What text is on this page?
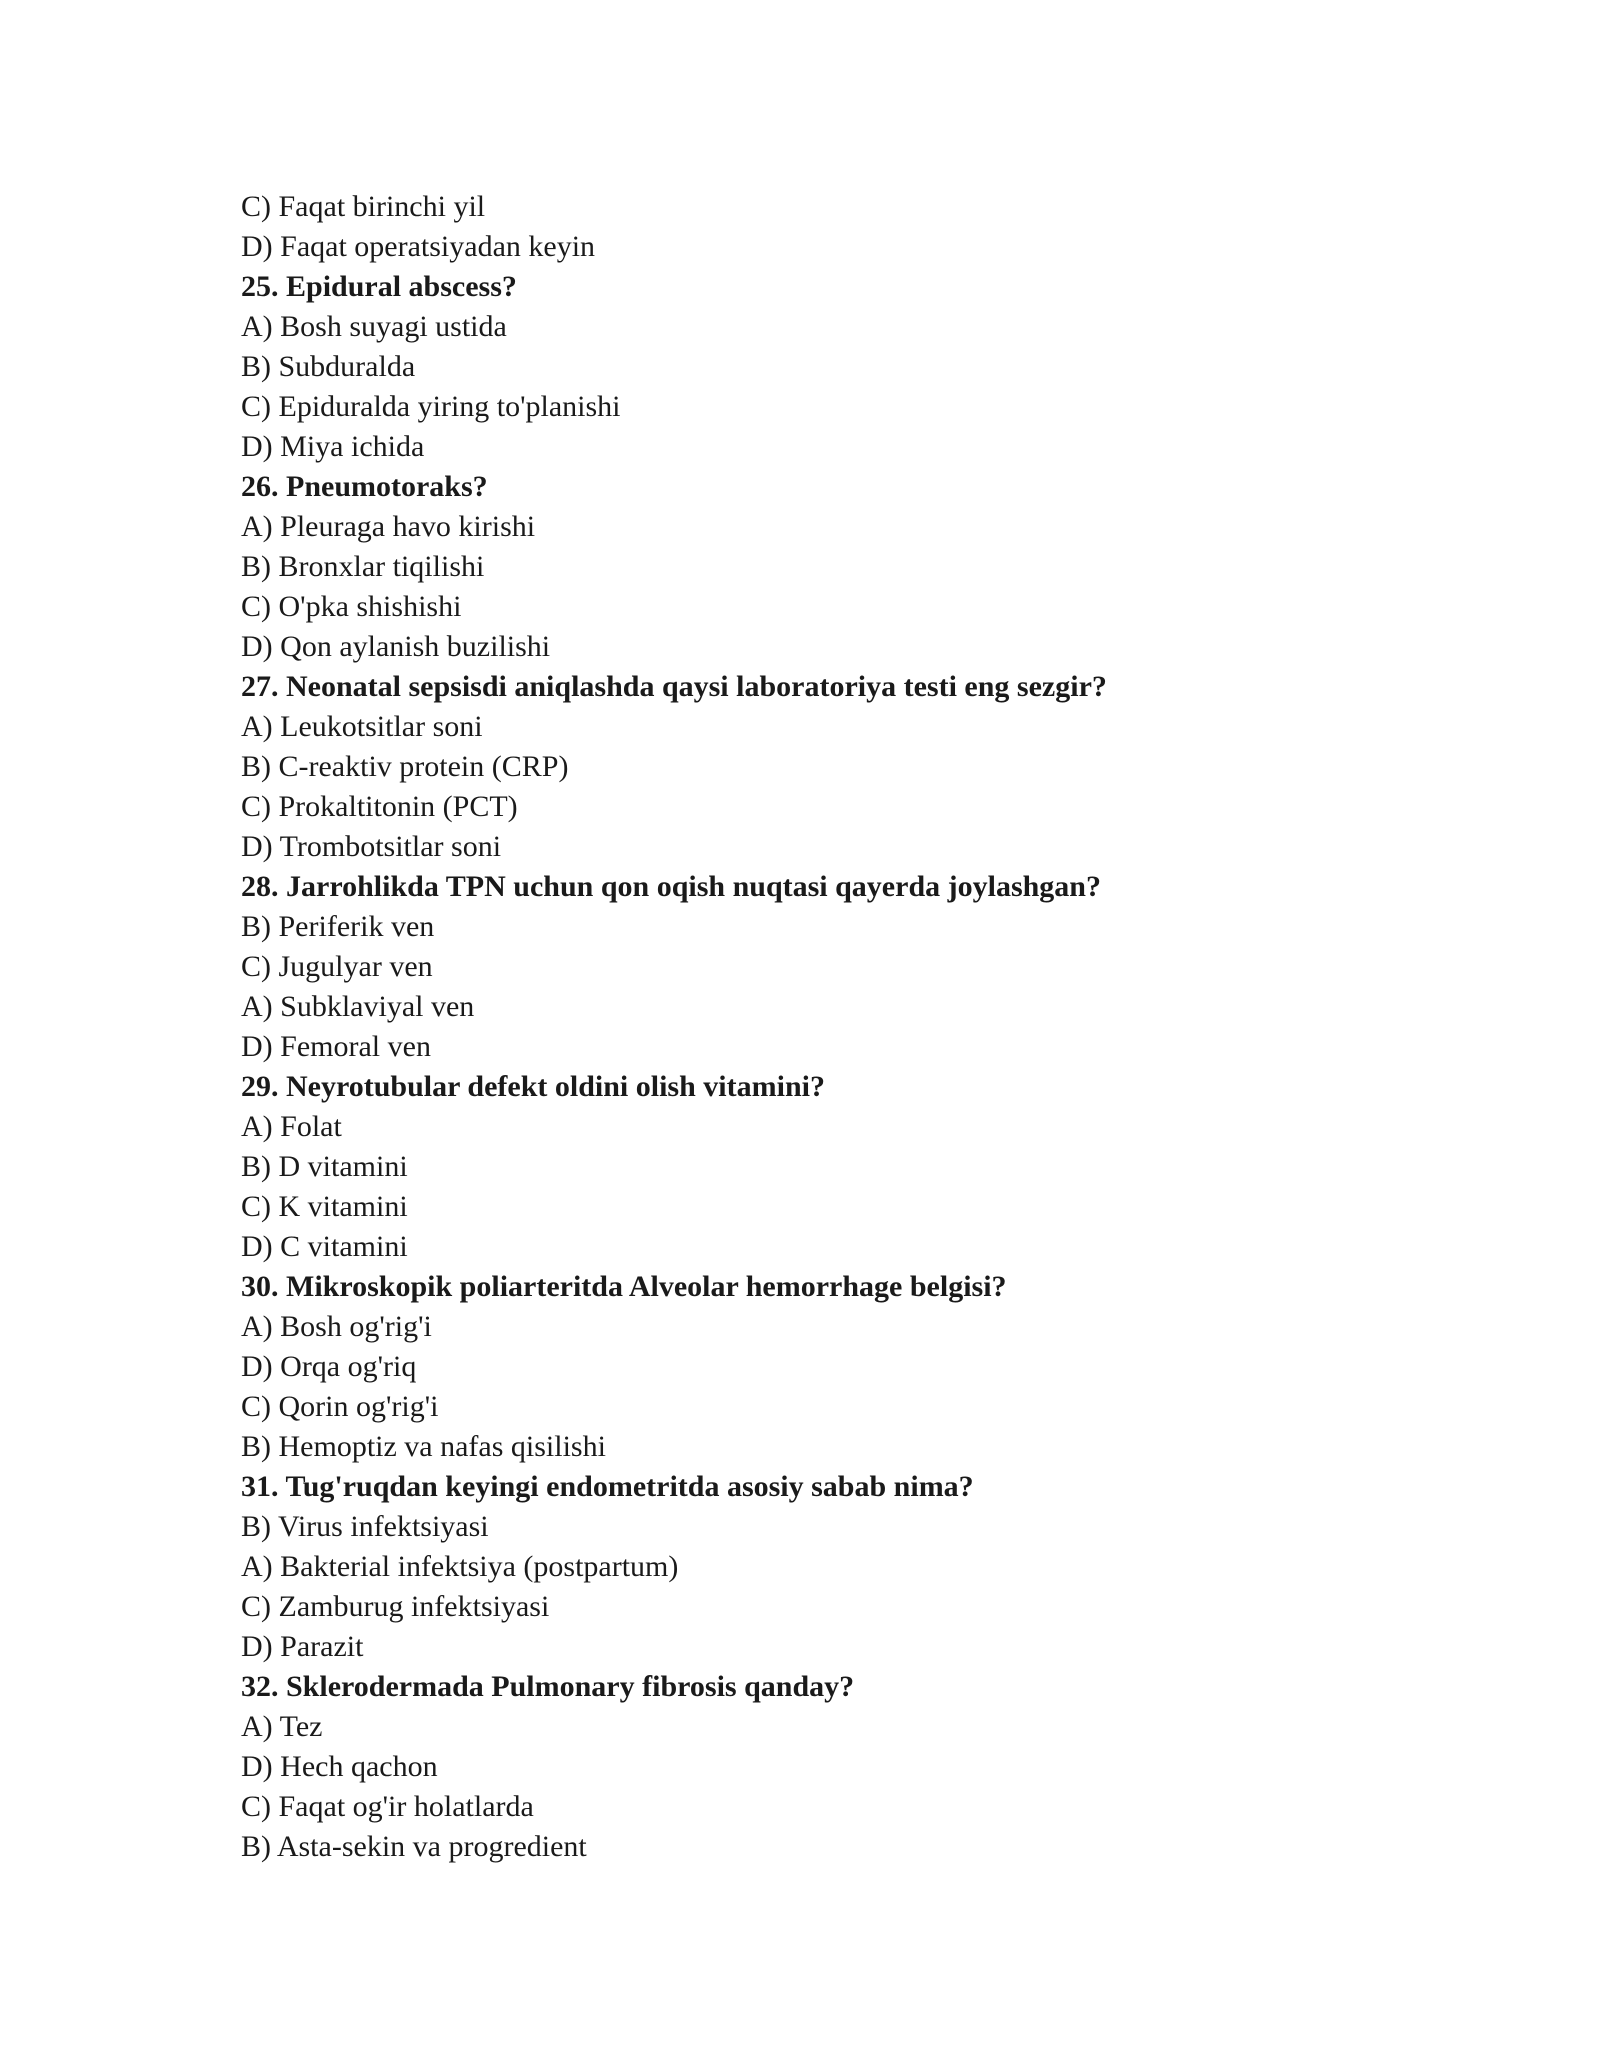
C) Faqat birinchi yil
D) Faqat operatsiyadan keyin
25. Epidural abscess?
A) Bosh suyagi ustida
B) Subduralda
C) Epiduralda yiring to'planishi
D) Miya ichida
26. Pneumotoraks?
A) Pleuraga havo kirishi
B) Bronxlar tiqilishi
C) O'pka shishishi
D) Qon aylanish buzilishi
27. Neonatal sepsisdi aniqlashda qaysi laboratoriya testi eng sezgir?
A) Leukotsitlar soni
B) C-reaktiv protein (CRP)
C) Prokaltitonin (PCT)
D) Trombotsitlar soni
28. Jarrohlikda TPN uchun qon oqish nuqtasi qayerda joylashgan?
B) Periferik ven
C) Jugulyar ven
A) Subklaviyal ven
D) Femoral ven
29. Neyrotubular defekt oldini olish vitamini?
A) Folat
B) D vitamini
C) K vitamini
D) C vitamini
30. Mikroskopik poliarteritda Alveolar hemorrhage belgisi?
A) Bosh og'rig'i
D) Orqa og'riq
C) Qorin og'rig'i
B) Hemoptiz va nafas qisilishi
31. Tug'ruqdan keyingi endometritda asosiy sabab nima?
B) Virus infektsiyasi
A) Bakterial infektsiya (postpartum)
C) Zamburug infektsiyasi
D) Parazit
32. Sklerodermada Pulmonary fibrosis qanday?
A) Tez
D) Hech qachon
C) Faqat og'ir holatlarda
B) Asta-sekin va progredient
